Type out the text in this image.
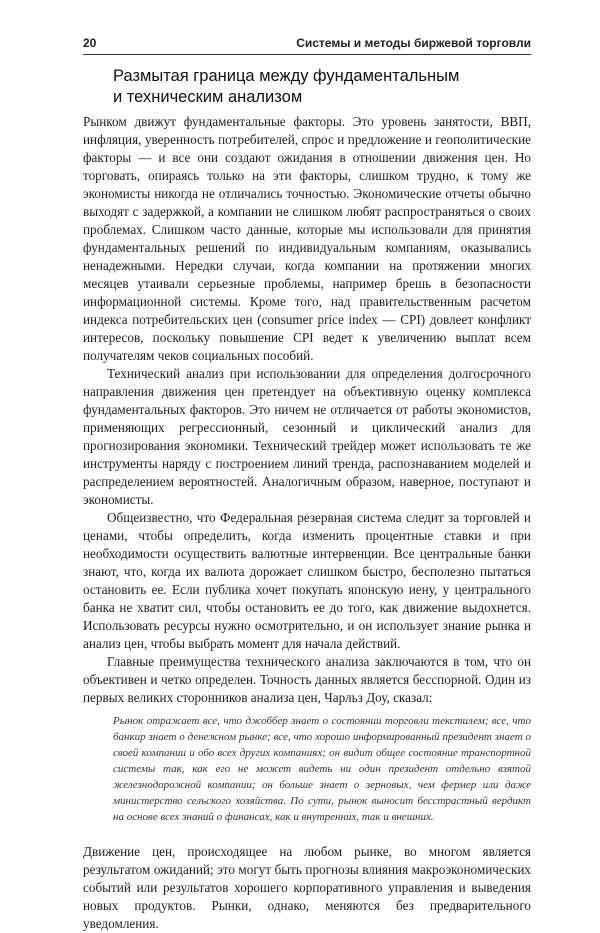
20	Системы и методы биржевой торговли
Размытая граница между фундаментальным
и техническим анализом

Рынком движут фундаментальные факторы. Это уровень занятости, ВВП, инфляция, уверенность потребителей, спрос и предложение и геополитические факторы — и все они создают ожидания в отношении движения цен. Но торговать, опираясь только на эти факторы, слишком трудно, к тому же экономисты никогда не отличались точностью. Экономические отчеты обычно выходят с задержкой, а компании не слишком любят распространяться о своих проблемах. Слишком часто данные, которые мы использовали для принятия фундаментальных решений по индивидуальным компаниям, оказывались ненадежными. Нередки случаи, когда компании на протяжении многих месяцев утаивали серьезные проблемы, например брешь в безопасности информационной системы. Кроме того, над правительственным расчетом индекса потребительских цен (consumer price index — CPI) довлеет конфликт интересов, поскольку повышение CPI ведет к увеличению выплат всем получателям чеков социальных пособий.

Технический анализ при использовании для определения долгосрочного направления движения цен претендует на объективную оценку комплекса фундаментальных факторов. Это ничем не отличается от работы экономистов, применяющих регрессионный, сезонный и циклический анализ для прогнозирования экономики. Технический трейдер может использовать те же инструменты наряду с построением линий тренда, распознаванием моделей и распределением вероятностей. Аналогичным образом, наверное, поступают и экономисты.

Общеизвестно, что Федеральная резервная система следит за торговлей и ценами, чтобы определить, когда изменить процентные ставки и при необходимости осуществить валютные интервенции. Все центральные банки знают, что, когда их валюта дорожает слишком быстро, бесполезно пытаться остановить ее. Если публика хочет покупать японскую иену, у центрального банка не хватит сил, чтобы остановить ее до того, как движение выдохнется. Использовать ресурсы нужно осмотрительно, и он использует знание рынка и анализ цен, чтобы выбрать момент для начала действий.

Главные преимущества технического анализа заключаются в том, что он объективен и четко определен. Точность данных является бесспорной. Один из первых великих сторонников анализа цен, Чарльз Доу, сказал:

Рынок отражает все, что джоббер знает о состоянии торговли текстилем; все, что банкир знает о денежном рынке; все, что хорошо информированный президент знает о своей компании и обо всех других компаниях; он видит общее состояние транспортной системы так, как его не может видеть ни один президент отдельно взятой железнодорожной компании; он больше знает о зерновых, чем фермер или даже министерство сельского хозяйства. По сути, рынок выносит бесстрастный вердикт на основе всех знаний о финансах, как и внутренних, так и внешних.

Движение цен, происходящее на любом рынке, во многом является результатом ожиданий; это могут быть прогнозы влияния макроэкономических событий или результатов хорошего корпоративного управления и выведения новых продуктов. Рынки, однако, меняются без предварительного уведомления.
